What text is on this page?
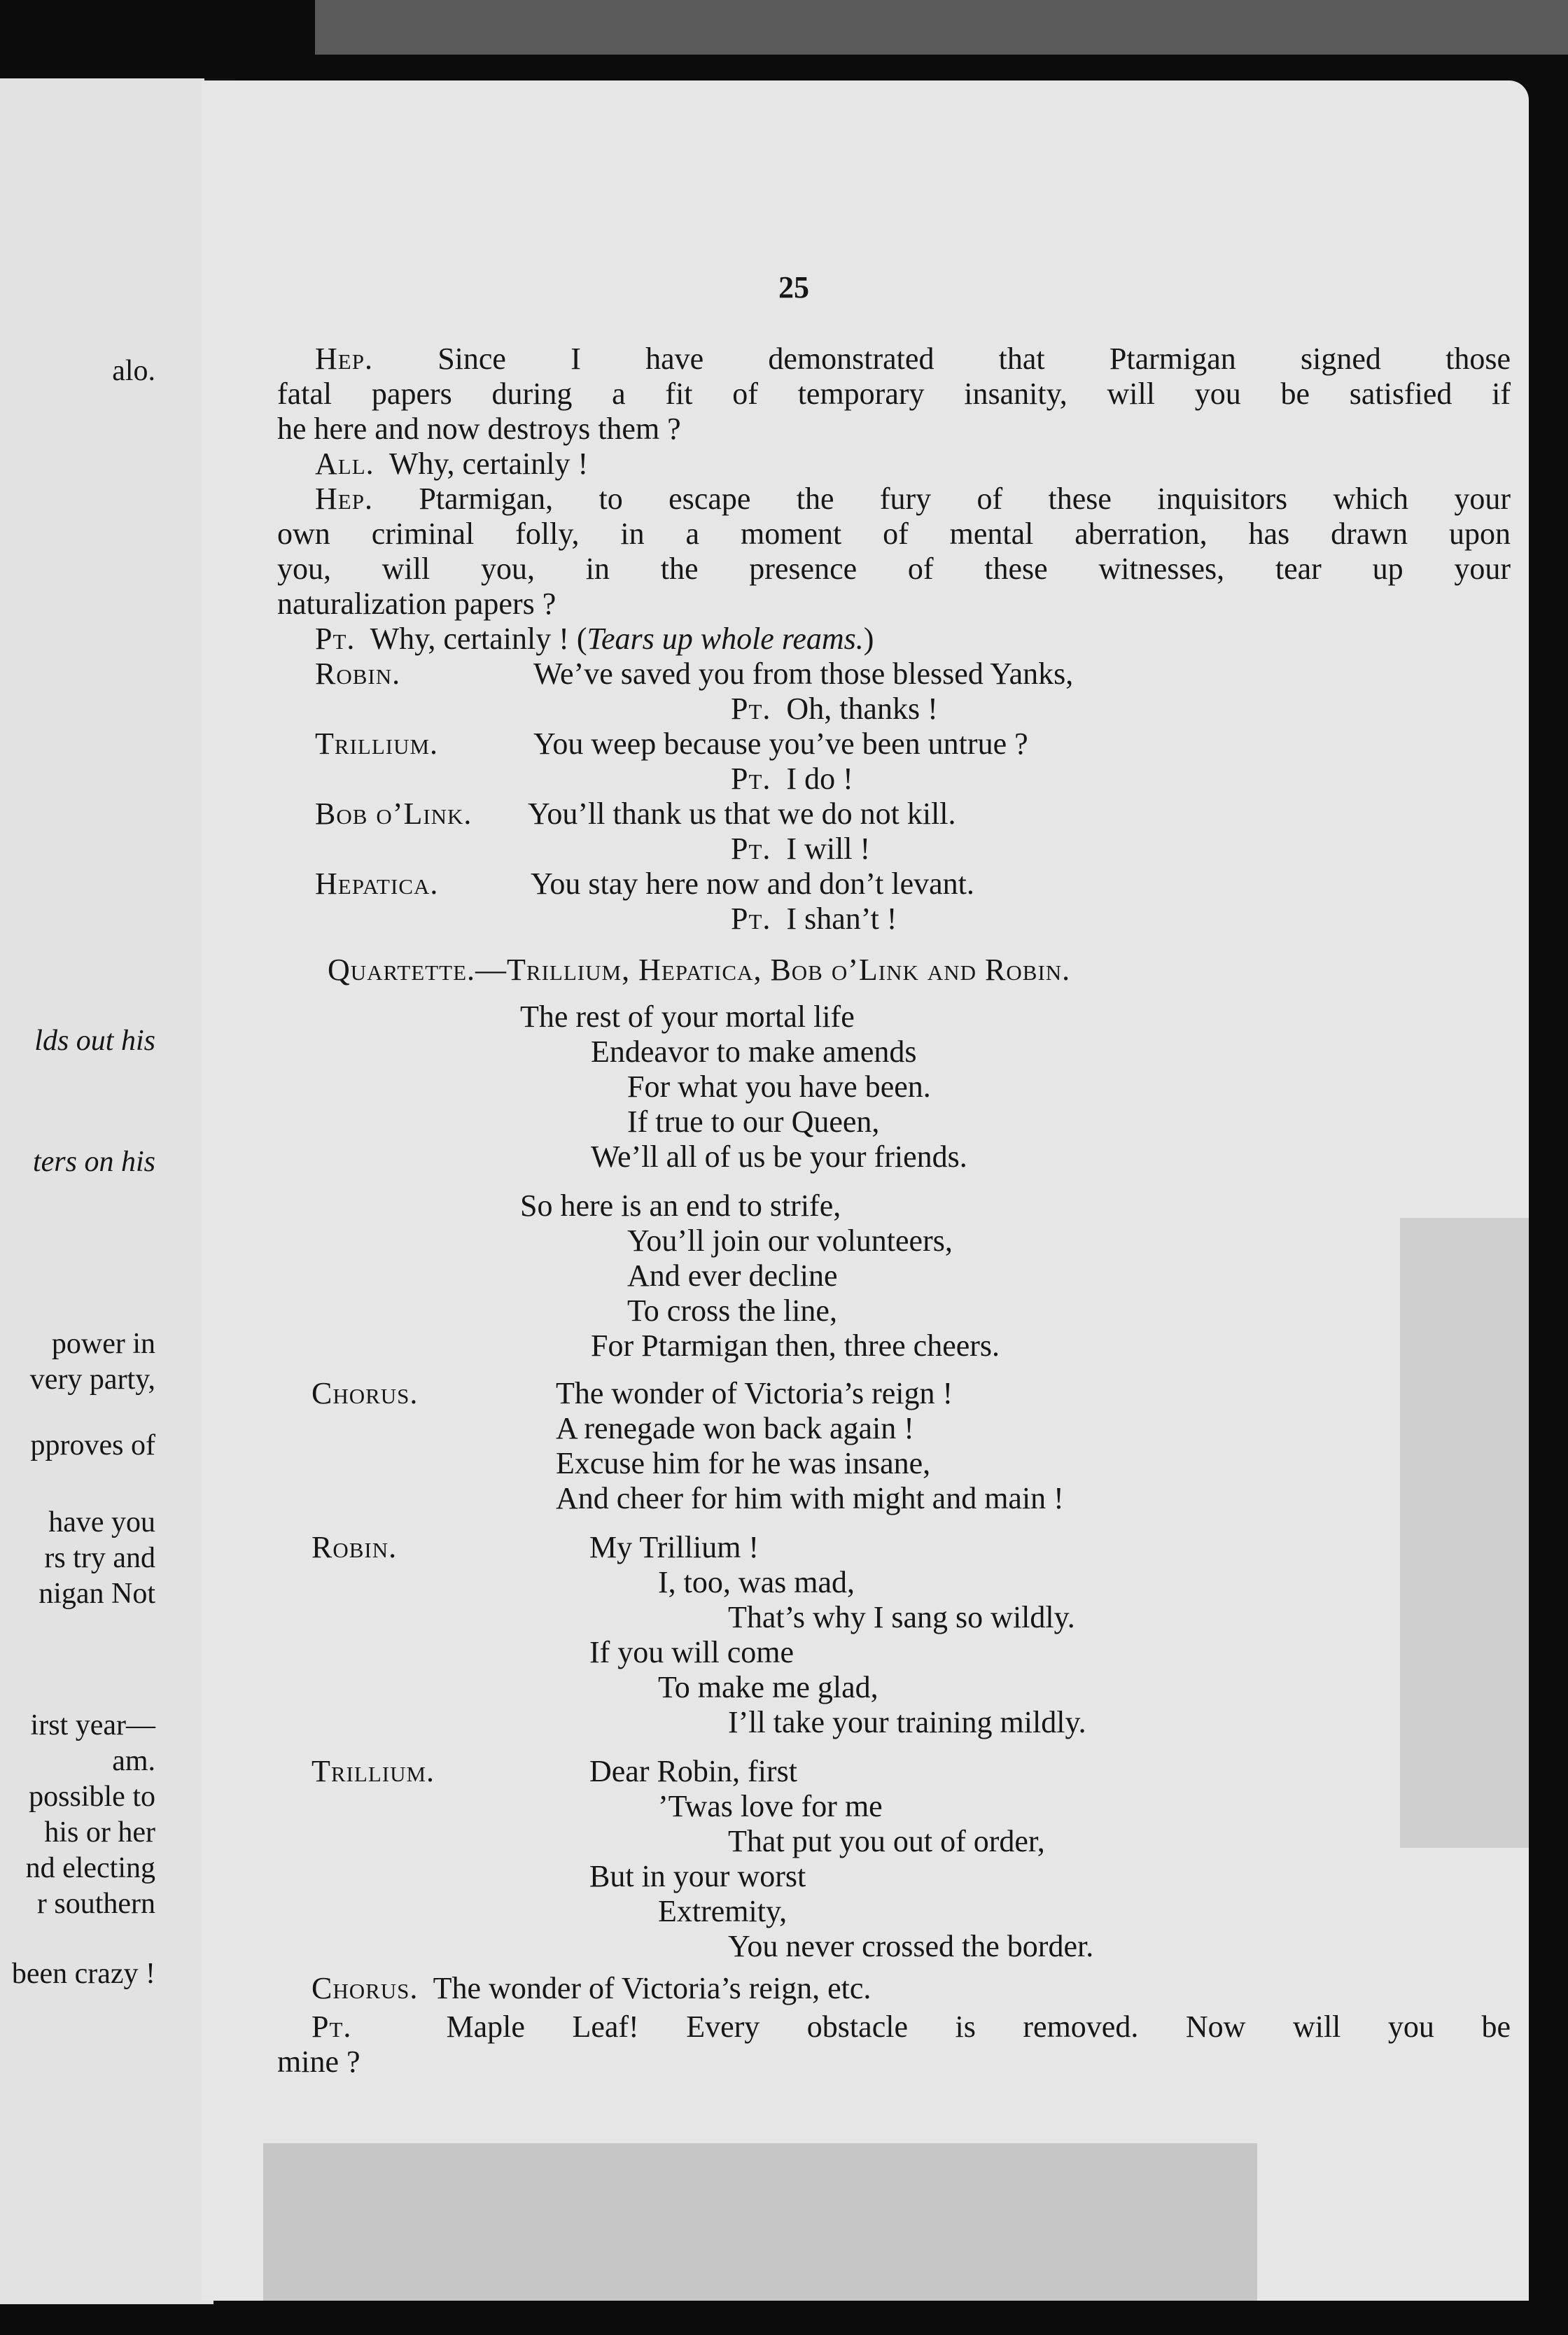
alo.
lds out his
ters on his
power in
very party,
pproves of
have you
rs try and
nigan Not
irst year—
am.
possible to
his or her
nd electing
r southern
been crazy !
25
Hep. Since I have demonstrated that Ptarmigan signed those
fatal papers during a fit of temporary insanity, will you be satisfied if
he here and now destroys them ?
All. Why, certainly !
Hep. Ptarmigan, to escape the fury of these inquisitors which your
own criminal folly, in a moment of mental aberration, has drawn upon
you, will you, in the presence of these witnesses, tear up your
naturalization papers ?
Pt. Why, certainly ! (Tears up whole reams.)
Robin.	We’ve saved you from those blessed Yanks,
Pt. Oh, thanks !
Trillium.	You weep because you’ve been untrue ?
Pt. I do !
Bob o’Link. You’ll thank us that we do not kill.
Pt. I will !
Hepatica.	You stay here now and don’t levant.
Pt. I shan’t !
Quartette.—Trillium, Hepatica, Bob o’Link and Robin.
The rest of your mortal life
Endeavor to make amends
For what you have been.
If true to our Queen,
We’ll all of us be your friends.
So here is an end to strife,
You’ll join our volunteers,
And ever decline
To cross the line,
For Ptarmigan then, three cheers.
Chorus.	The wonder of Victoria’s reign !
A renegade won back again !
Excuse him for he was insane,
And cheer for him with might and main !
Robin.	My Trillium !
I, too, was mad,
That’s why I sang so wildly.
If you will come
To make me glad,
I’ll take your training mildly.
Trillium.	Dear Robin, first
’Twas love for me
That put you out of order,
But in your worst
Extremity,
You never crossed the border.
Chorus. The wonder of Victoria’s reign, etc.
Pt.	Maple Leaf! Every obstacle is removed. Now will you be
mine ?
